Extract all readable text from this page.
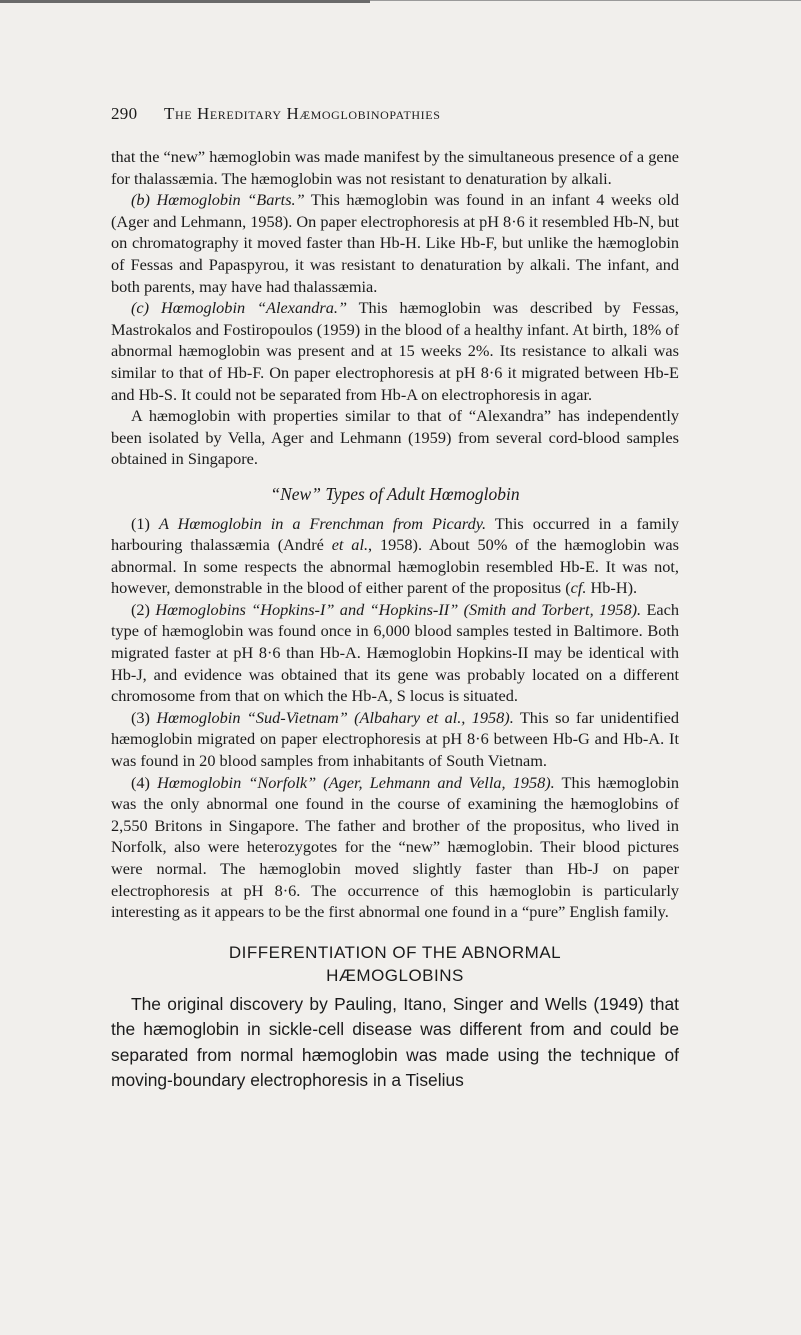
290 The Hereditary Hæmoglobinopathies

that the “new” hæmoglobin was made manifest by the simultaneous presence of a gene for thalassæmia. The hæmoglobin was not resistant to denaturation by alkali.

(b) Hœmoglobin “Barts.” This hæmoglobin was found in an infant 4 weeks old (Ager and Lehmann, 1958). On paper electrophoresis at pH 8·6 it resembled Hb-N, but on chromatography it moved faster than Hb-H. Like Hb-F, but unlike the hæmoglobin of Fessas and Papaspyrou, it was resistant to denaturation by alkali. The infant, and both parents, may have had thalassæmia.

(c) Hœmoglobin “Alexandra.” This hæmoglobin was described by Fessas, Mastrokalos and Fostiropoulos (1959) in the blood of a healthy infant. At birth, 18% of abnormal hæmoglobin was present and at 15 weeks 2%. Its resistance to alkali was similar to that of Hb-F. On paper electrophoresis at pH 8·6 it migrated between Hb-E and Hb-S. It could not be separated from Hb-A on electrophoresis in agar.

A hæmoglobin with properties similar to that of “Alexandra” has independently been isolated by Vella, Ager and Lehmann (1959) from several cord-blood samples obtained in Singapore.

“New” Types of Adult Hœmoglobin

(1) A Hœmoglobin in a Frenchman from Picardy. This occurred in a family harbouring thalassæmia (André et al., 1958). About 50% of the hæmoglobin was abnormal. In some respects the abnormal hæmoglobin resembled Hb-E. It was not, however, demonstrable in the blood of either parent of the propositus (cf. Hb-H).

(2) Hœmoglobins “Hopkins-I” and “Hopkins-II” (Smith and Torbert, 1958). Each type of hæmoglobin was found once in 6,000 blood samples tested in Baltimore. Both migrated faster at pH 8·6 than Hb-A. Hæmoglobin Hopkins-II may be identical with Hb-J, and evidence was obtained that its gene was probably located on a different chromosome from that on which the Hb-A, S locus is situated.

(3) Hœmoglobin “Sud-Vietnam” (Albahary et al., 1958). This so far unidentified hæmoglobin migrated on paper electrophoresis at pH 8·6 between Hb-G and Hb-A. It was found in 20 blood samples from inhabitants of South Vietnam.

(4) Hœmoglobin “Norfolk” (Ager, Lehmann and Vella, 1958). This hæmoglobin was the only abnormal one found in the course of examining the hæmoglobins of 2,550 Britons in Singapore. The father and brother of the propositus, who lived in Norfolk, also were heterozygotes for the “new” hæmoglobin. Their blood pictures were normal. The hæmoglobin moved slightly faster than Hb-J on paper electrophoresis at pH 8·6. The occurrence of this hæmoglobin is particularly interesting as it appears to be the first abnormal one found in a “pure” English family.

DIFFERENTIATION OF THE ABNORMAL
HÆMOGLOBINS

The original discovery by Pauling, Itano, Singer and Wells (1949) that the hæmoglobin in sickle-cell disease was different from and could be separated from normal hæmoglobin was made using the technique of moving-boundary electrophoresis in a Tiselius
